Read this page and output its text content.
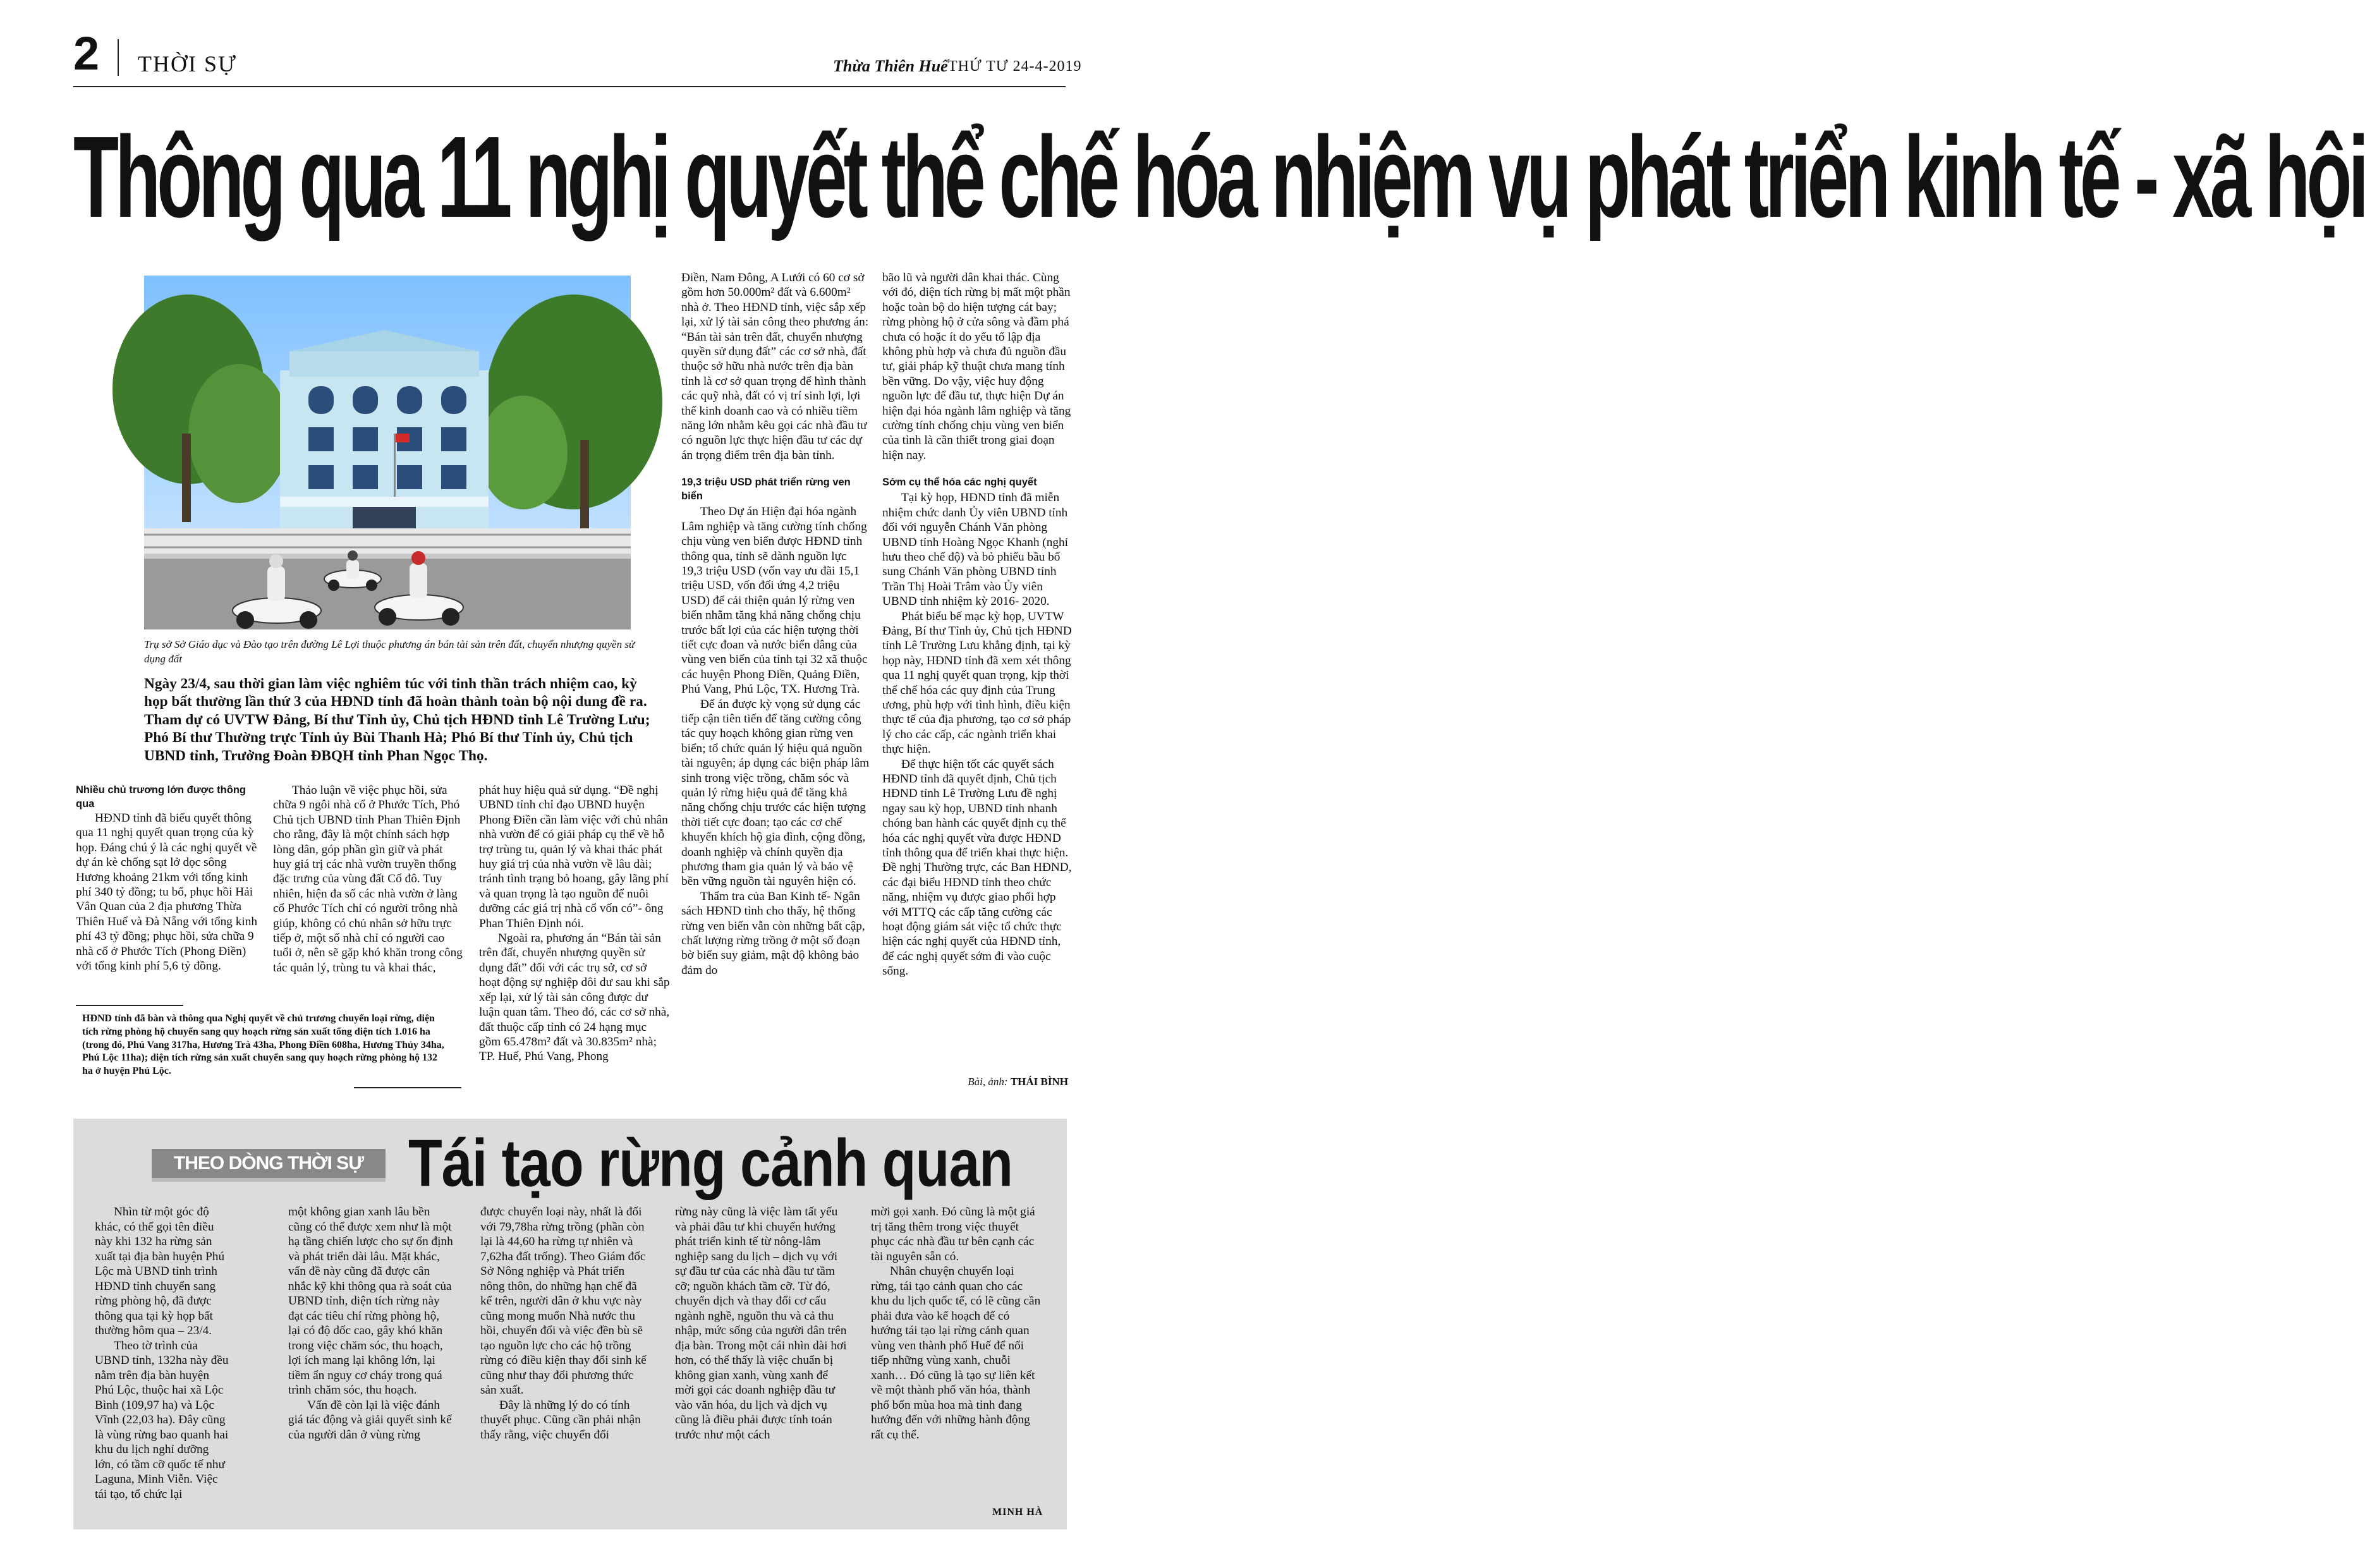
2 THỜI SỰ	Thừa Thiên Huế THỨ TƯ 24-4-2019
Thông qua 11 nghị quyết thể chế hóa nhiệm vụ phát triển kinh tế - xã hội
Trụ sở Sở Giáo dục và Đào tạo trên đường Lê Lợi thuộc phương án bán tài sản trên đất, chuyển nhượng quyền sử dụng đất
Ngày 23/4, sau thời gian làm việc nghiêm túc với tinh thần trách nhiệm cao, kỳ họp bất thường lần thứ 3 của HĐND tỉnh đã hoàn thành toàn bộ nội dung đề ra. Tham dự có UVTW Đảng, Bí thư Tỉnh ủy, Chủ tịch HĐND tỉnh Lê Trường Lưu; Phó Bí thư Thường trực Tỉnh ủy Bùi Thanh Hà; Phó Bí thư Tỉnh ủy, Chủ tịch UBND tỉnh, Trưởng Đoàn ĐBQH tỉnh Phan Ngọc Thọ.
Nhiều chủ trương lớn được thông qua

HĐND tỉnh đã biểu quyết thông qua 11 nghị quyết quan trọng của kỳ họp. Đáng chú ý là các nghị quyết về dự án kè chống sạt lở dọc sông Hương khoảng 21km với tổng kinh phí 340 tỷ đồng; tu bổ, phục hồi Hải Vân Quan của 2 địa phương Thừa Thiên Huế và Đà Nẵng với tổng kinh phí 43 tỷ đồng; phục hồi, sửa chữa 9 nhà cổ ở Phước Tích (Phong Điền) với tổng kinh phí 5,6 tỷ đồng.

Thảo luận về việc phục hồi, sửa chữa 9 ngôi nhà cổ ở Phước Tích, Phó Chủ tịch UBND tỉnh Phan Thiên Định cho rằng, đây là một chính sách hợp lòng dân, góp phần gìn giữ và phát huy giá trị các nhà vườn truyền thống đặc trưng của vùng đất Cố đô. Tuy nhiên, hiện đa số các nhà vườn ở làng cổ Phước Tích chỉ có người trông nhà giúp, không có chủ nhân sở hữu trực tiếp ở, một số nhà chỉ có người cao tuổi ở, nên sẽ gặp khó khăn trong công tác quản lý, trùng tu và khai thác,

HĐND tỉnh đã bàn và thông qua Nghị quyết về chủ trương chuyển loại rừng, diện tích rừng phòng hộ chuyển sang quy hoạch rừng sản xuất tổng diện tích 1.016 ha (trong đó, Phú Vang 317ha, Hương Trà 43ha, Phong Điền 608ha, Hương Thủy 34ha, Phú Lộc 11ha); diện tích rừng sản xuất chuyển sang quy hoạch rừng phòng hộ 132 ha ở huyện Phú Lộc.

phát huy hiệu quả sử dụng. “Đề nghị UBND tỉnh chỉ đạo UBND huyện Phong Điền cần làm việc với chủ nhân nhà vườn để có giải pháp cụ thể về hỗ trợ trùng tu, quản lý và khai thác phát huy giá trị của nhà vườn về lâu dài; tránh tình trạng bỏ hoang, gây lãng phí và quan trọng là tạo nguồn để nuôi dưỡng các giá trị nhà cổ vốn có”- ông Phan Thiên Định nói.

Ngoài ra, phương án “Bán tài sản trên đất, chuyển nhượng quyền sử dụng đất” đối với các trụ sở, cơ sở hoạt động sự nghiệp dôi dư sau khi sắp xếp lại, xử lý tài sản công được dư luận quan tâm. Theo đó, các cơ sở nhà, đất thuộc cấp tỉnh có 24 hạng mục gồm 65.478m² đất và 30.835m² nhà; TP. Huế, Phú Vang, Phong

Điền, Nam Đông, A Lưới có 60 cơ sở gồm hơn 50.000m² đất và 6.600m² nhà ở. Theo HĐND tỉnh, việc sắp xếp lại, xử lý tài sản công theo phương án: “Bán tài sản trên đất, chuyển nhượng quyền sử dụng đất” các cơ sở nhà, đất thuộc sở hữu nhà nước trên địa bàn tỉnh là cơ sở quan trọng để hình thành các quỹ nhà, đất có vị trí sinh lợi, lợi thế kinh doanh cao và có nhiều tiềm năng lớn nhằm kêu gọi các nhà đầu tư có nguồn lực thực hiện đầu tư các dự án trọng điểm trên địa bàn tỉnh.

19,3 triệu USD phát triển rừng ven biển

Theo Dự án Hiện đại hóa ngành Lâm nghiệp và tăng cường tính chống chịu vùng ven biển được HĐND tỉnh thông qua, tỉnh sẽ dành nguồn lực 19,3 triệu USD (vốn vay ưu đãi 15,1 triệu USD, vốn đối ứng 4,2 triệu USD) để cải thiện quản lý rừng ven biển nhằm tăng khả năng chống chịu trước bất lợi của các hiện tượng thời tiết cực đoan và nước biển dâng của vùng ven biển của tỉnh tại 32 xã thuộc các huyện Phong Điền, Quảng Điền, Phú Vang, Phú Lộc, TX. Hương Trà.

Để án được kỳ vọng sử dụng các tiếp cận tiên tiến để tăng cường công tác quy hoạch không gian rừng ven biển; tổ chức quản lý hiệu quả nguồn tài nguyên; áp dụng các biện pháp lâm sinh trong việc trồng, chăm sóc và quản lý rừng hiệu quả để tăng khả năng chống chịu trước các hiện tượng thời tiết cực đoan; tạo các cơ chế khuyến khích hộ gia đình, cộng đồng, doanh nghiệp và chính quyền địa phương tham gia quản lý và bảo vệ bền vững nguồn tài nguyên hiện có.

Thẩm tra của Ban Kinh tế- Ngân sách HĐND tỉnh cho thấy, hệ thống rừng ven biển vẫn còn những bất cập, chất lượng rừng trồng ở một số đoạn bờ biển suy giảm, mật độ không bảo đảm do

bão lũ và người dân khai thác. Cùng với đó, diện tích rừng bị mất một phần hoặc toàn bộ do hiện tượng cát bay; rừng phòng hộ ở cửa sông và đầm phá chưa có hoặc ít do yếu tố lập địa không phù hợp và chưa đủ nguồn đầu tư, giải pháp kỹ thuật chưa mang tính bền vững. Do vậy, việc huy động nguồn lực để đầu tư, thực hiện Dự án hiện đại hóa ngành lâm nghiệp và tăng cường tính chống chịu vùng ven biển của tỉnh là cần thiết trong giai đoạn hiện nay.

Sớm cụ thể hóa các nghị quyết

Tại kỳ họp, HĐND tỉnh đã miễn nhiệm chức danh Ủy viên UBND tỉnh đối với nguyễn Chánh Văn phòng UBND tỉnh Hoàng Ngọc Khanh (nghỉ hưu theo chế độ) và bỏ phiếu bầu bổ sung Chánh Văn phòng UBND tỉnh Trần Thị Hoài Trâm vào Ủy viên UBND tỉnh nhiệm kỳ 2016- 2020.

Phát biểu bế mạc kỳ họp, UVTW Đảng, Bí thư Tỉnh ủy, Chủ tịch HĐND tỉnh Lê Trường Lưu khẳng định, tại kỳ họp này, HĐND tỉnh đã xem xét thông qua 11 nghị quyết quan trọng, kịp thời thể chế hóa các quy định của Trung ương, phù hợp với tình hình, điều kiện thực tế của địa phương, tạo cơ sở pháp lý cho các cấp, các ngành triển khai thực hiện.

Để thực hiện tốt các quyết sách HĐND tỉnh đã quyết định, Chủ tịch HĐND tỉnh Lê Trường Lưu đề nghị ngay sau kỳ họp, UBND tỉnh nhanh chóng ban hành các quyết định cụ thể hóa các nghị quyết vừa được HĐND tỉnh thông qua để triển khai thực hiện. Đề nghị Thường trực, các Ban HĐND, các đại biểu HĐND tỉnh theo chức năng, nhiệm vụ được giao phối hợp với MTTQ các cấp tăng cường các hoạt động giám sát việc tổ chức thực hiện các nghị quyết của HĐND tỉnh, để các nghị quyết sớm đi vào cuộc sống.

Bài, ảnh: THÁI BÌNH
THEO DÒNG THỜI SỰ Tái tạo rừng cảnh quan

Nhìn từ một góc độ khác, có thể gọi tên điều này khi 132 ha rừng sản xuất tại địa bàn huyện Phú Lộc mà UBND tỉnh trình HĐND tỉnh chuyển sang rừng phòng hộ, đã được thông qua tại kỳ họp bất thường hôm qua – 23/4.

Theo tờ trình của UBND tỉnh, 132ha này đều nằm trên địa bàn huyện Phú Lộc, thuộc hai xã Lộc Bình (109,97 ha) và Lộc Vĩnh (22,03 ha). Đây cũng là vùng rừng bao quanh hai khu du lịch nghỉ dưỡng lớn, có tầm cỡ quốc tế như Laguna, Minh Viễn. Việc tái tạo, tổ chức lại

một không gian xanh lâu bền cũng có thể được xem như là một hạ tầng chiến lược cho sự ổn định và phát triển dài lâu. Mặt khác, vấn đề này cũng đã được cân nhắc kỹ khi thông qua rà soát của UBND tỉnh, diện tích rừng này đạt các tiêu chí rừng phòng hộ, lại có độ dốc cao, gây khó khăn trong việc chăm sóc, thu hoạch, lợi ích mang lại không lớn, lại tiềm ẩn nguy cơ cháy trong quá trình chăm sóc, thu hoạch.

Vấn đề còn lại là việc đánh giá tác động và giải quyết sinh kế của người dân ở vùng rừng

được chuyển loại này, nhất là đối với 79,78ha rừng trồng (phần còn lại là 44,60 ha rừng tự nhiên và 7,62ha đất trống). Theo Giám đốc Sở Nông nghiệp và Phát triển nông thôn, do những hạn chế đã kể trên, người dân ở khu vực này cũng mong muốn Nhà nước thu hồi, chuyển đổi và việc đền bù sẽ tạo nguồn lực cho các hộ trồng rừng có điều kiện thay đổi sinh kế cũng như thay đổi phương thức sản xuất.

Đây là những lý do có tính thuyết phục. Cũng cần phải nhận thấy rằng, việc chuyển đổi

rừng này cũng là việc làm tất yếu và phải đầu tư khi chuyển hướng phát triển kinh tế từ nông-lâm nghiệp sang du lịch – dịch vụ với sự đầu tư của các nhà đầu tư tầm cỡ; nguồn khách tầm cỡ. Từ đó, chuyển dịch và thay đổi cơ cấu ngành nghề, nguồn thu và cả thu nhập, mức sống của người dân trên địa bàn. Trong một cái nhìn dài hơi hơn, có thể thấy là việc chuẩn bị không gian xanh, vùng xanh để mời gọi các doanh nghiệp đầu tư vào văn hóa, du lịch và dịch vụ cũng là điều phải được tính toán trước như một cách

mời gọi xanh. Đó cũng là một giá trị tăng thêm trong việc thuyết phục các nhà đầu tư bên cạnh các tài nguyên sẵn có.

Nhân chuyện chuyển loại rừng, tái tạo cảnh quan cho các khu du lịch quốc tế, có lẽ cũng cần phải đưa vào kế hoạch để có hướng tái tạo lại rừng cảnh quan vùng ven thành phố Huế để nối tiếp những vùng xanh, chuỗi xanh… Đó cũng là tạo sự liên kết về một thành phố văn hóa, thành phố bốn mùa hoa mà tỉnh đang hướng đến với những hành động rất cụ thể.

MINH HÀ
